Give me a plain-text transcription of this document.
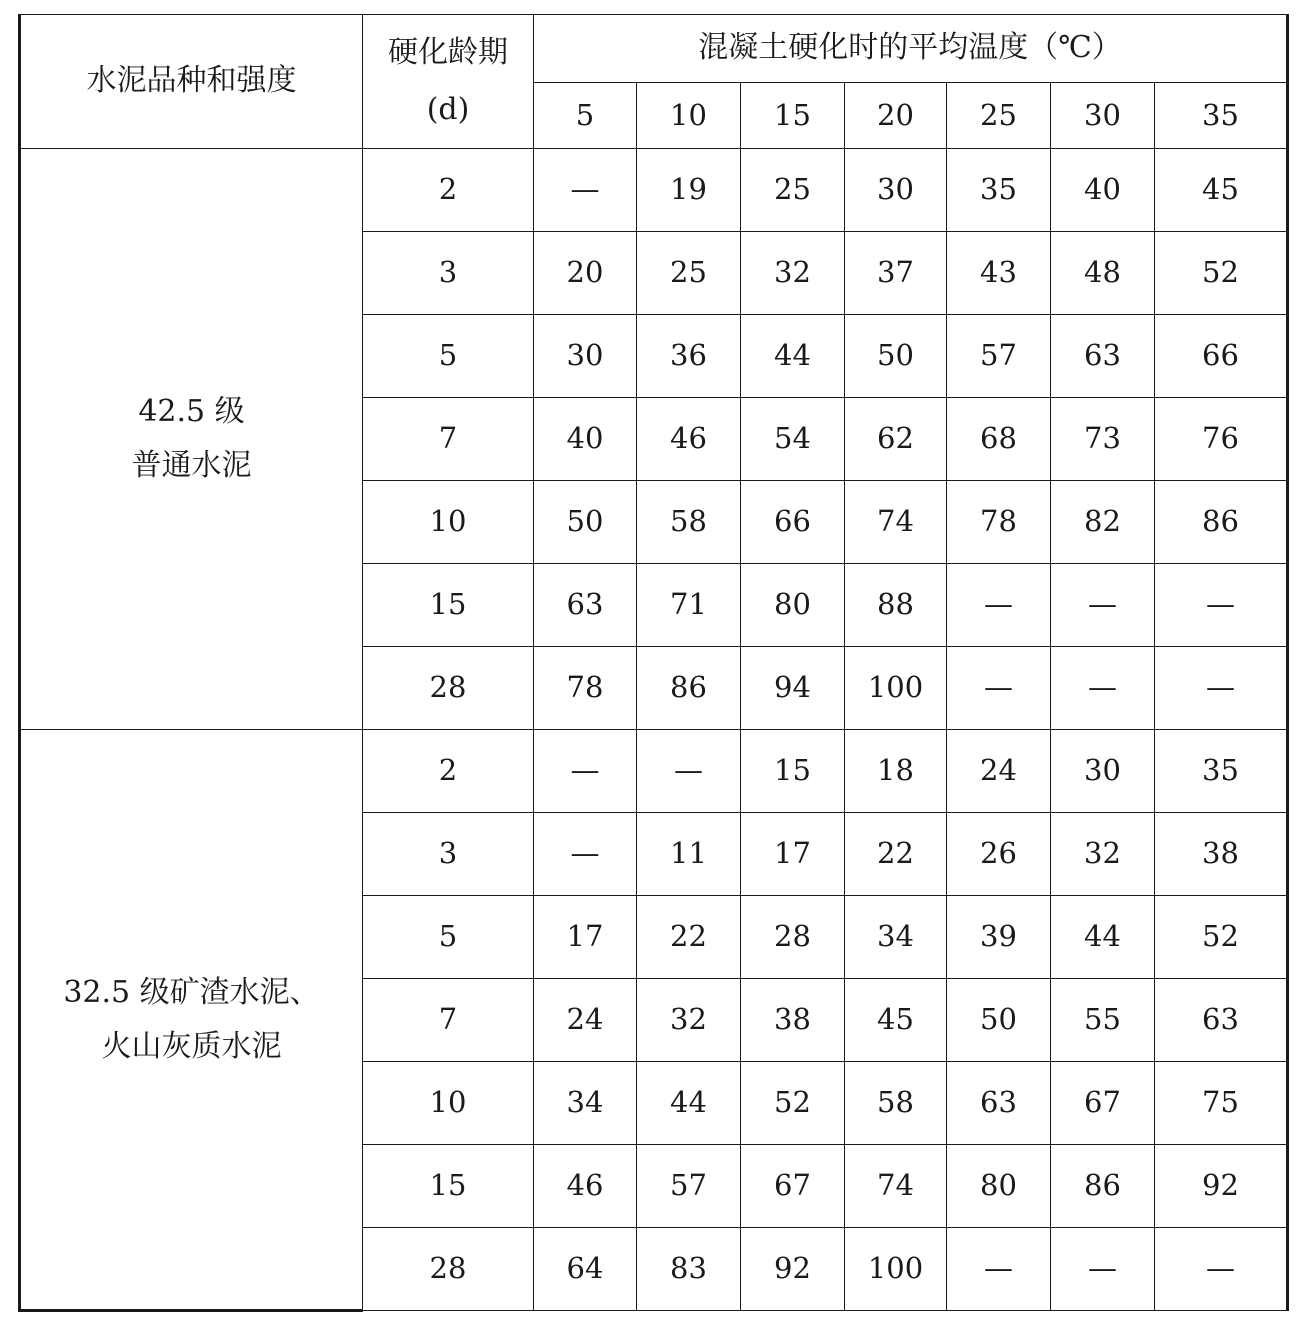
水泥品种和强度	硬化龄期
(d)	混凝土硬化时的平均温度（℃）						
		5	10	15	20	25	30	35

42.5 级
普通水泥	2	—	19	25	30	35	40	45
	3	20	25	32	37	43	48	52
	5	30	36	44	50	57	63	66
	7	40	46	54	62	68	73	76
	10	50	58	66	74	78	82	86
	15	63	71	80	88	—	—	—
	28	78	86	94	100	—	—	—

32.5 级矿渣水泥、
火山灰质水泥	2	—	—	15	18	24	30	35
	3	—	11	17	22	26	32	38
	5	17	22	28	34	39	44	52
	7	24	32	38	45	50	55	63
	10	34	44	52	58	63	67	75
	15	46	57	67	74	80	86	92
	28	64	83	92	100	—	—	—
